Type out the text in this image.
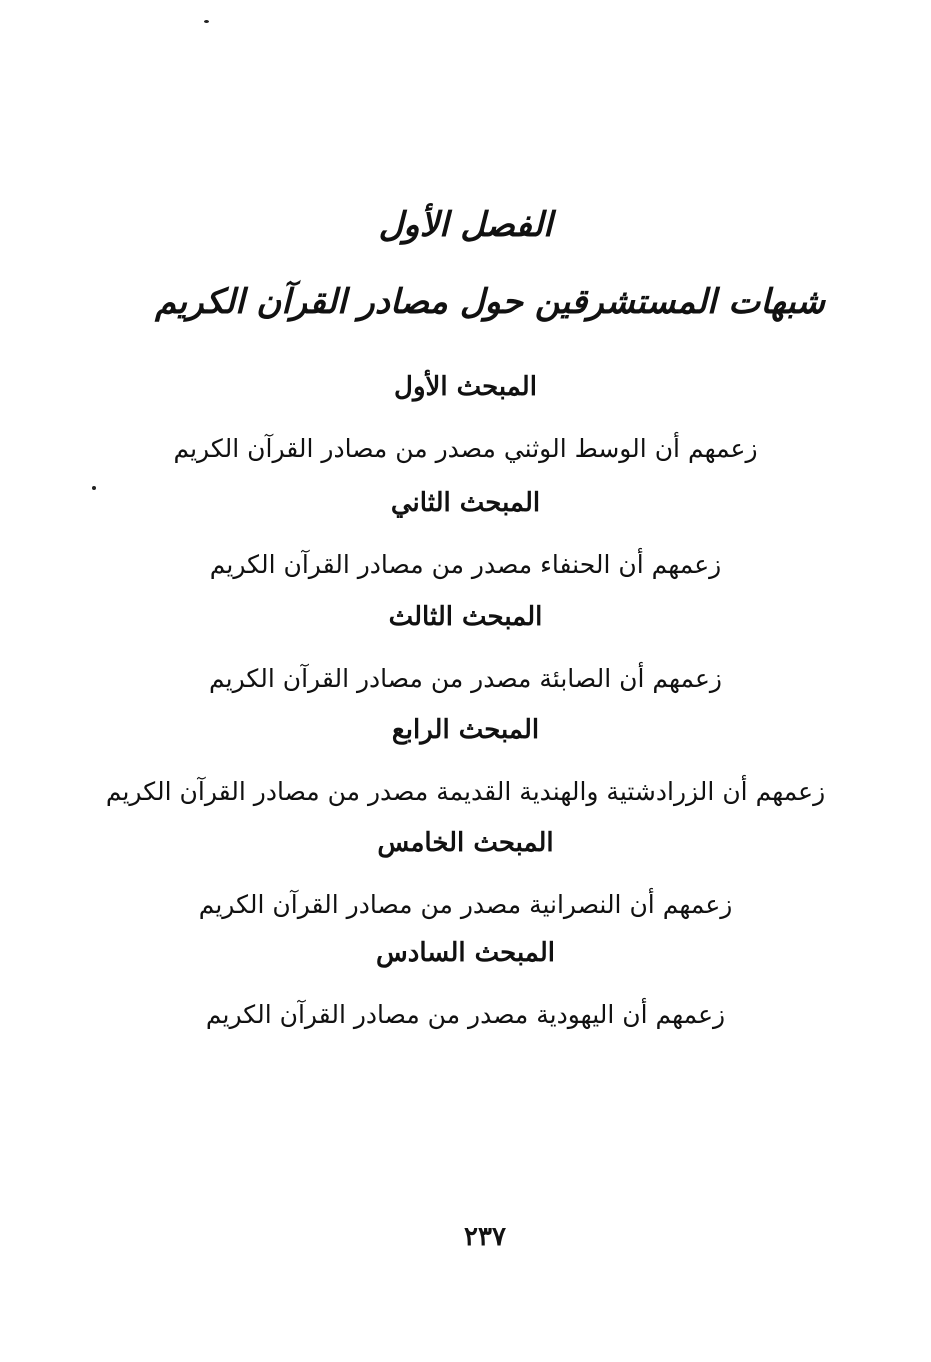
الفصل الأول
شبهات المستشرقين حول مصادر القرآن الكريم
المبحث الأول
زعمهم أن الوسط الوثني مصدر من مصادر القرآن الكريم
المبحث الثاني
زعمهم أن الحنفاء مصدر من مصادر القرآن الكريم
المبحث الثالث
زعمهم أن الصابئة مصدر من مصادر القرآن الكريم
المبحث الرابع
زعمهم أن الزرادشتية والهندية القديمة مصدر من مصادر القرآن الكريم
المبحث الخامس
زعمهم أن النصرانية مصدر من مصادر القرآن الكريم
المبحث السادس
زعمهم أن اليهودية مصدر من مصادر القرآن الكريم
٢٣٧
